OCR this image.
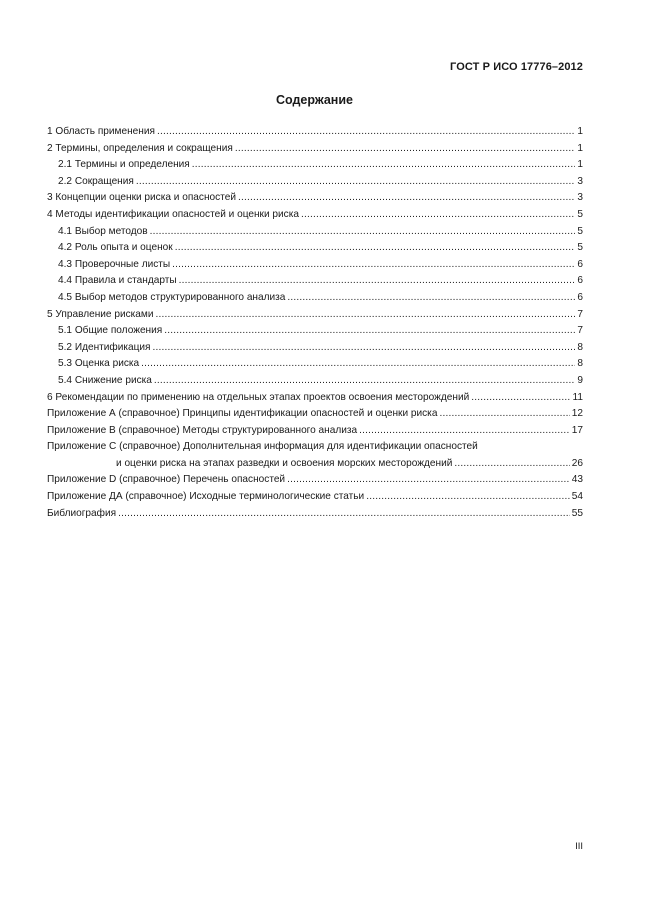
ГОСТ Р ИСО 17776–2012
Содержание
1 Область применения .....	1
2 Термины, определения и сокращения .....	1
2.1 Термины и определения .....	1
2.2 Сокращения .....	3
3 Концепции оценки риска и опасностей .....	3
4 Методы идентификации опасностей и оценки риска .....	5
4.1 Выбор методов .....	5
4.2 Роль опыта и оценок .....	5
4.3 Проверочные листы .....	6
4.4 Правила и стандарты .....	6
4.5 Выбор методов структурированного анализа .....	6
5 Управление рисками .....	7
5.1 Общие положения .....	7
5.2 Идентификация .....	8
5.3 Оценка риска .....	8
5.4 Снижение риска .....	9
6 Рекомендации по применению на отдельных этапах проектов освоения месторождений .....	11
Приложение А (справочное) Принципы идентификации опасностей и оценки риска .....	12
Приложение В (справочное) Методы структурированного анализа .....	17
Приложение С (справочное) Дополнительная информация для идентификации опасностей
и оценки риска на этапах разведки и освоения морских месторождений .....	26
Приложение D (справочное) Перечень опасностей .....	43
Приложение ДА (справочное) Исходные терминологические статьи .....	54
Библиография .....	55
III
